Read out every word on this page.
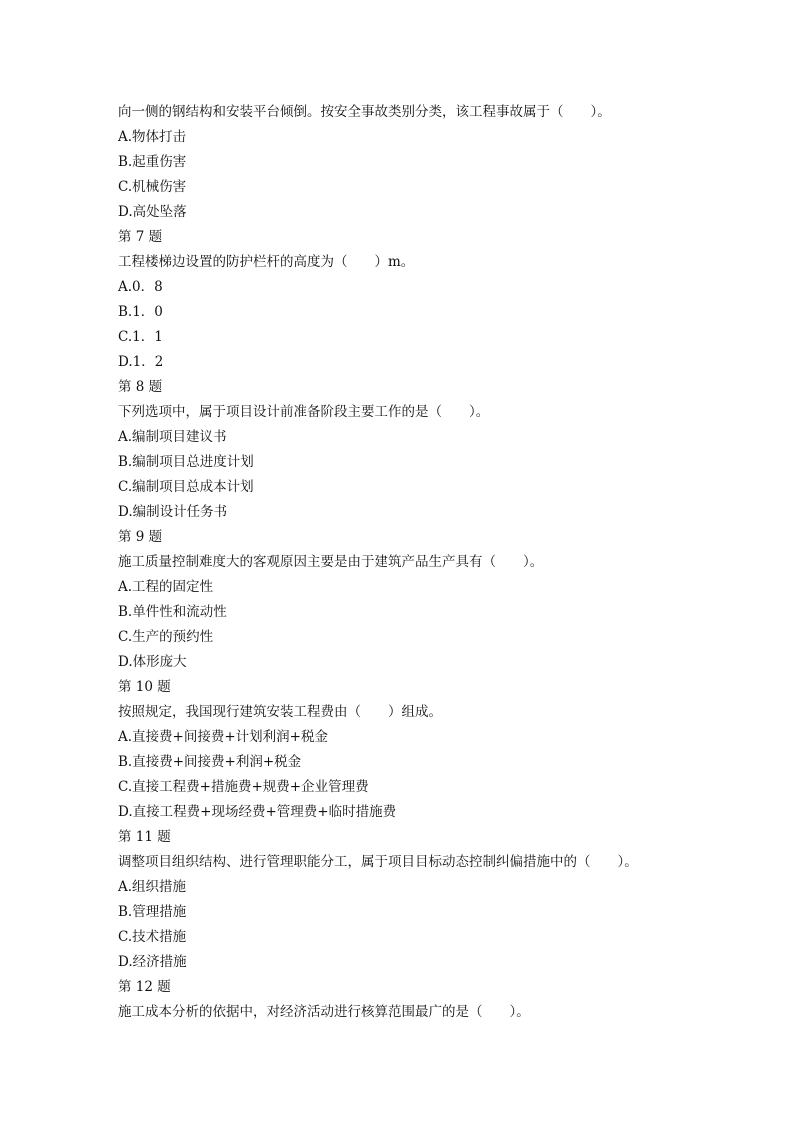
向一侧的钢结构和安装平台倾倒。按安全事故类别分类，该工程事故属于（　　）。
A.物体打击
B.起重伤害
C.机械伤害
D.高处坠落
第 7 题
工程楼梯边设置的防护栏杆的高度为（　　）m。
A.0．8
B.1．0
C.1．1
D.1．2
第 8 题
下列选项中，属于项目设计前准备阶段主要工作的是（　　）。
A.编制项目建议书
B.编制项目总进度计划
C.编制项目总成本计划
D.编制设计任务书
第 9 题
施工质量控制难度大的客观原因主要是由于建筑产品生产具有（　　）。
A.工程的固定性
B.单件性和流动性
C.生产的预约性
D.体形庞大
第 10 题
按照规定，我国现行建筑安装工程费由（　　）组成。
A.直接费+间接费+计划利润+税金
B.直接费+间接费+利润+税金
C.直接工程费+措施费+规费+企业管理费
D.直接工程费+现场经费+管理费+临时措施费
第 11 题
调整项目组织结构、进行管理职能分工，属于项目目标动态控制纠偏措施中的（　　）。
A.组织措施
B.管理措施
C.技术措施
D.经济措施
第 12 题
施工成本分析的依据中，对经济活动进行核算范围最广的是（　　）。
